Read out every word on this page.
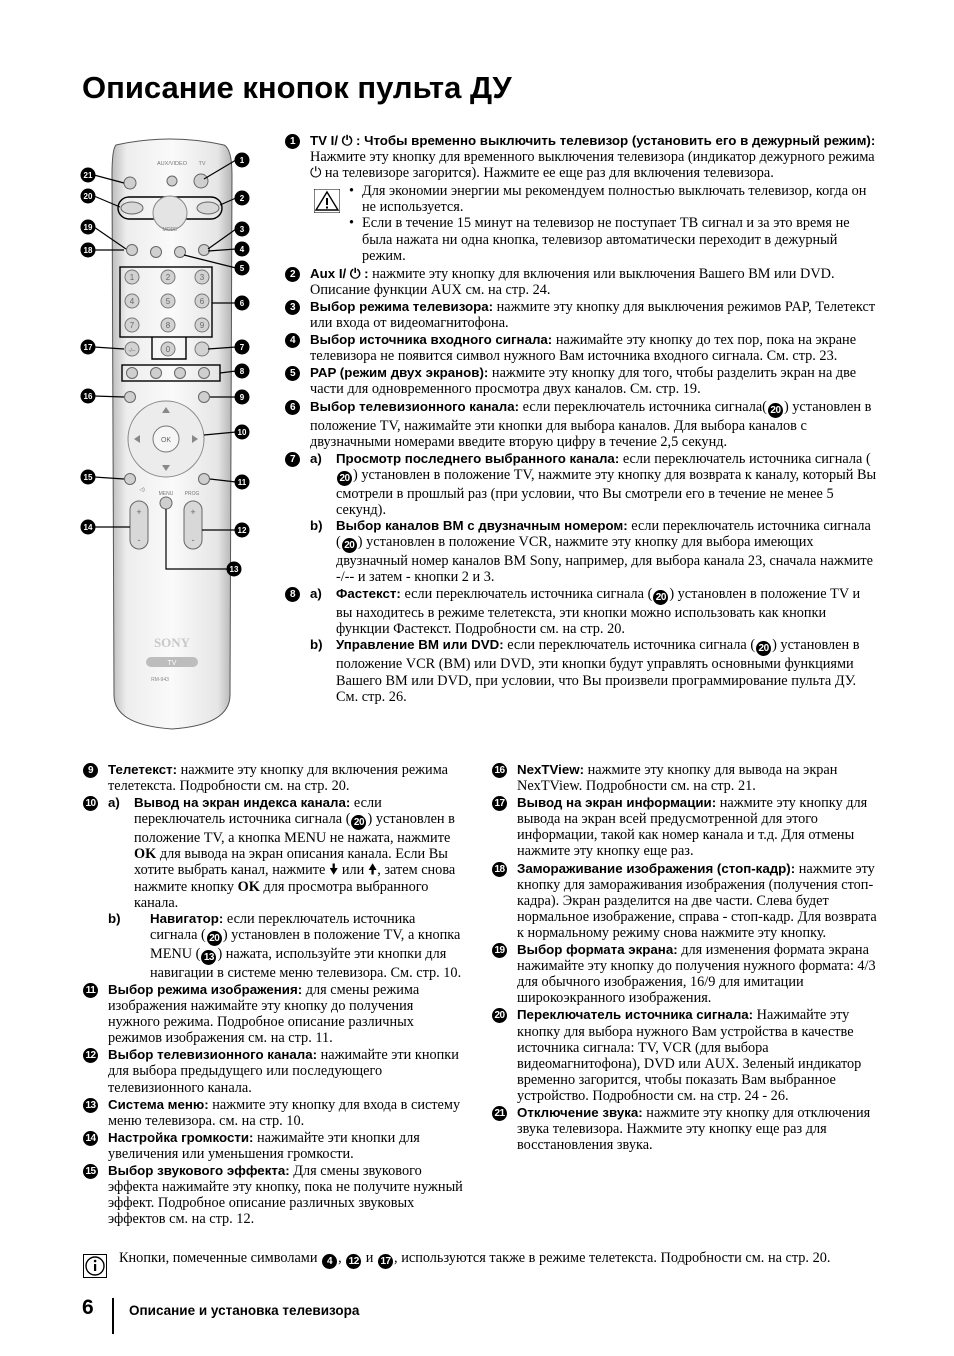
Описание кнопок пульта ДУ
AUX/VIDEO TV
MODE
1	2	3
4	5	6
7	8	9
-/--	0
OK
◁)
MENU PROG
+
-
+
-
SONY
TV
RM-943
21
20
19
18
17
16
15
14
1
2
3
4
5
6
7
8
9
10
11
12
13
1	TV I/ ⏻ : Чтобы временно выключить телевизор (установить его в дежурный режим):
Нажмите эту кнопку для временного выключения телевизора (индикатор дежурного режима ⏻ на телевизоре загорится). Нажмите ее еще раз для включения телевизора.
• Для экономии энергии мы рекомендуем полностью выключать телевизор, когда он не используется.
• Если в течение 15 минут на телевизор не поступает ТВ сигнал и за это время не была нажата ни одна кнопка, телевизор автоматически переходит в дежурный режим.
2	Aux I/ ⏻ : нажмите эту кнопку для включения или выключения Вашего ВМ или DVD. Описание функции AUX см. на стр. 24.
3	Выбор режима телевизора: нажмите эту кнопку для выключения режимов PAP, Телетекст или входа от видеомагнитофона.
4	Выбор источника входного сигнала: нажимайте эту кнопку до тех пор, пока на экране телевизора не появится символ нужного Вам источника входного сигнала. См. стр. 23.
5	PAP (режим двух экранов): нажмите эту кнопку для того, чтобы разделить экран на две части для одновременного просмотра двух каналов. См. стр. 19.
6	Выбор телевизионного канала: если переключатель источника сигнала( 20 ) установлен в положение TV, нажимайте эти кнопки для выбора каналов. Для выбора каналов с двузначными номерами введите вторую цифру в течение 2,5 секунд.
7	a) Просмотр последнего выбранного канала: если переключатель источника сигнала (20 ) установлен в положение TV, нажмите эту кнопку для возврата к каналу, который Вы смотрели в прошлый раз (при условии, что Вы смотрели его в течение не менее 5 секунд).
b) Выбор каналов ВМ с двузначным номером: если переключатель источника сигнала ( 20 ) установлен в положение VCR, нажмите эту кнопку для выбора имеющих двузначный номер каналов ВМ Sony, например, для выбора канала 23, сначала нажмите -/-- и затем - кнопки 2 и 3.
8	a) Фастекст: если переключатель источника сигнала ( 20 ) установлен в положение TV и вы находитесь в режиме телетекста, эти кнопки можно использовать как кнопки функции Фастекст. Подробности см. на стр. 20.
b) Управление ВМ или DVD: если переключатель источника сигнала ( 20 ) установлен в положение VCR (ВМ) или DVD, эти кнопки будут управлять основными функциями Вашего ВМ или DVD, при условии, что Вы произвели программирование пульта ДУ. См. стр. 26.
9	Телетекст: нажмите эту кнопку для включения режима телетекста. Подробности см. на стр. 20.
10 a) Вывод на экран индекса канала: если переключатель источника сигнала ( 20 ) установлен в положение TV, а кнопка MENU не нажата, нажмите OK для вывода на экран описания канала. Если Вы хотите выбрать канал, нажмите 🠟 или 🠝, затем снова нажмите кнопку OK для просмотра выбранного канала.
b) Навигатор: если переключатель источника сигнала ( 20 ) установлен в положение TV, а кнопка MENU ( 13 ) нажата, используйте эти кнопки для навигации в системе меню телевизора. См. стр. 10.
11 Выбор режима изображения: для смены режима изображения нажимайте эту кнопку до получения нужного режима. Подробное описание различных режимов изображения см. на стр. 11.
12 Выбор телевизионного канала: нажимайте эти кнопки для выбора предыдущего или последующего телевизионного канала.
13 Система меню: нажмите эту кнопку для входа в систему меню телевизора. см. на стр. 10.
14 Настройка громкости: нажимайте эти кнопки для увеличения или уменьшения громкости.
15 Выбор звукового эффекта: Для смены звукового эффекта нажимайте эту кнопку, пока не получите нужный эффект. Подробное описание различных звуковых эффектов см. на стр. 12.
16 NexTView: нажмите эту кнопку для вывода на экран NexTView. Подробности см. на стр. 21.
17 Вывод на экран информации: нажмите эту кнопку для вывода на экран всей предусмотренной для этого информации, такой как номер канала и т.д. Для отмены нажмите эту кнопку еще раз.
18 Замораживание изображения (стоп-кадр): нажмите эту кнопку для замораживания изображения (получения стоп-кадра). Экран разделится на две части. Слева будет нормальное изображение, справа - стоп-кадр. Для возврата к нормальному режиму снова нажмите эту кнопку.
19 Выбор формата экрана: для изменения формата экрана нажимайте эту кнопку до получения нужного формата: 4/3 для обычного изображения, 16/9 для имитации широкоэкранного изображения.
20 Переключатель источника сигнала: Нажимайте эту кнопку для выбора нужного Вам устройства в качестве источника сигнала: TV, VCR (для выбора видеомагнитофона), DVD или AUX. Зеленый индикатор временно загорится, чтобы показать Вам выбранное устройство. Подробности см. на стр. 24 - 26.
21 Отключение звука: нажмите эту кнопку для отключения звука телевизора. Нажмите эту кнопку еще раз для восстановления звука.
Кнопки, помеченные символами 4 , 12 и 17 , используются также в режиме телетекста. Подробности см. на стр. 20.
6	Описание и установка телевизора
